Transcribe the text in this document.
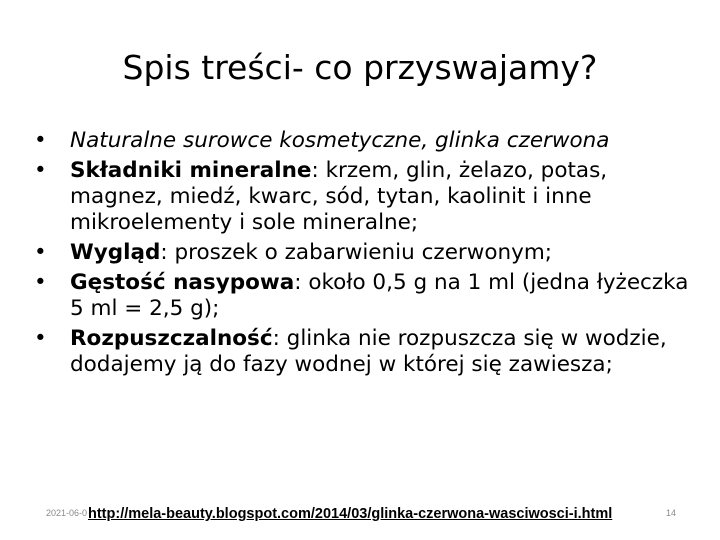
Spis treści- co przyswajamy?
•	Naturalne surowce kosmetyczne, glinka czerwona
•	Składniki mineralne: krzem, glin, żelazo, potas, magnez, miedź, kwarc, sód, tytan, kaolinit i inne mikroelementy i sole mineralne;
•	Wygląd: proszek o zabarwieniu czerwonym;
•	Gęstość nasypowa: około 0,5 g na 1 ml (jedna łyżeczka 5 ml = 2,5 g);
•	Rozpuszczalność: glinka nie rozpuszcza się w wodzie, dodajemy ją do fazy wodnej w której się zawiesza;
2021-06-0 http://mela-beauty.blogspot.com/2014/03/glinka-czerwona-wasciwosci-i.html	14
